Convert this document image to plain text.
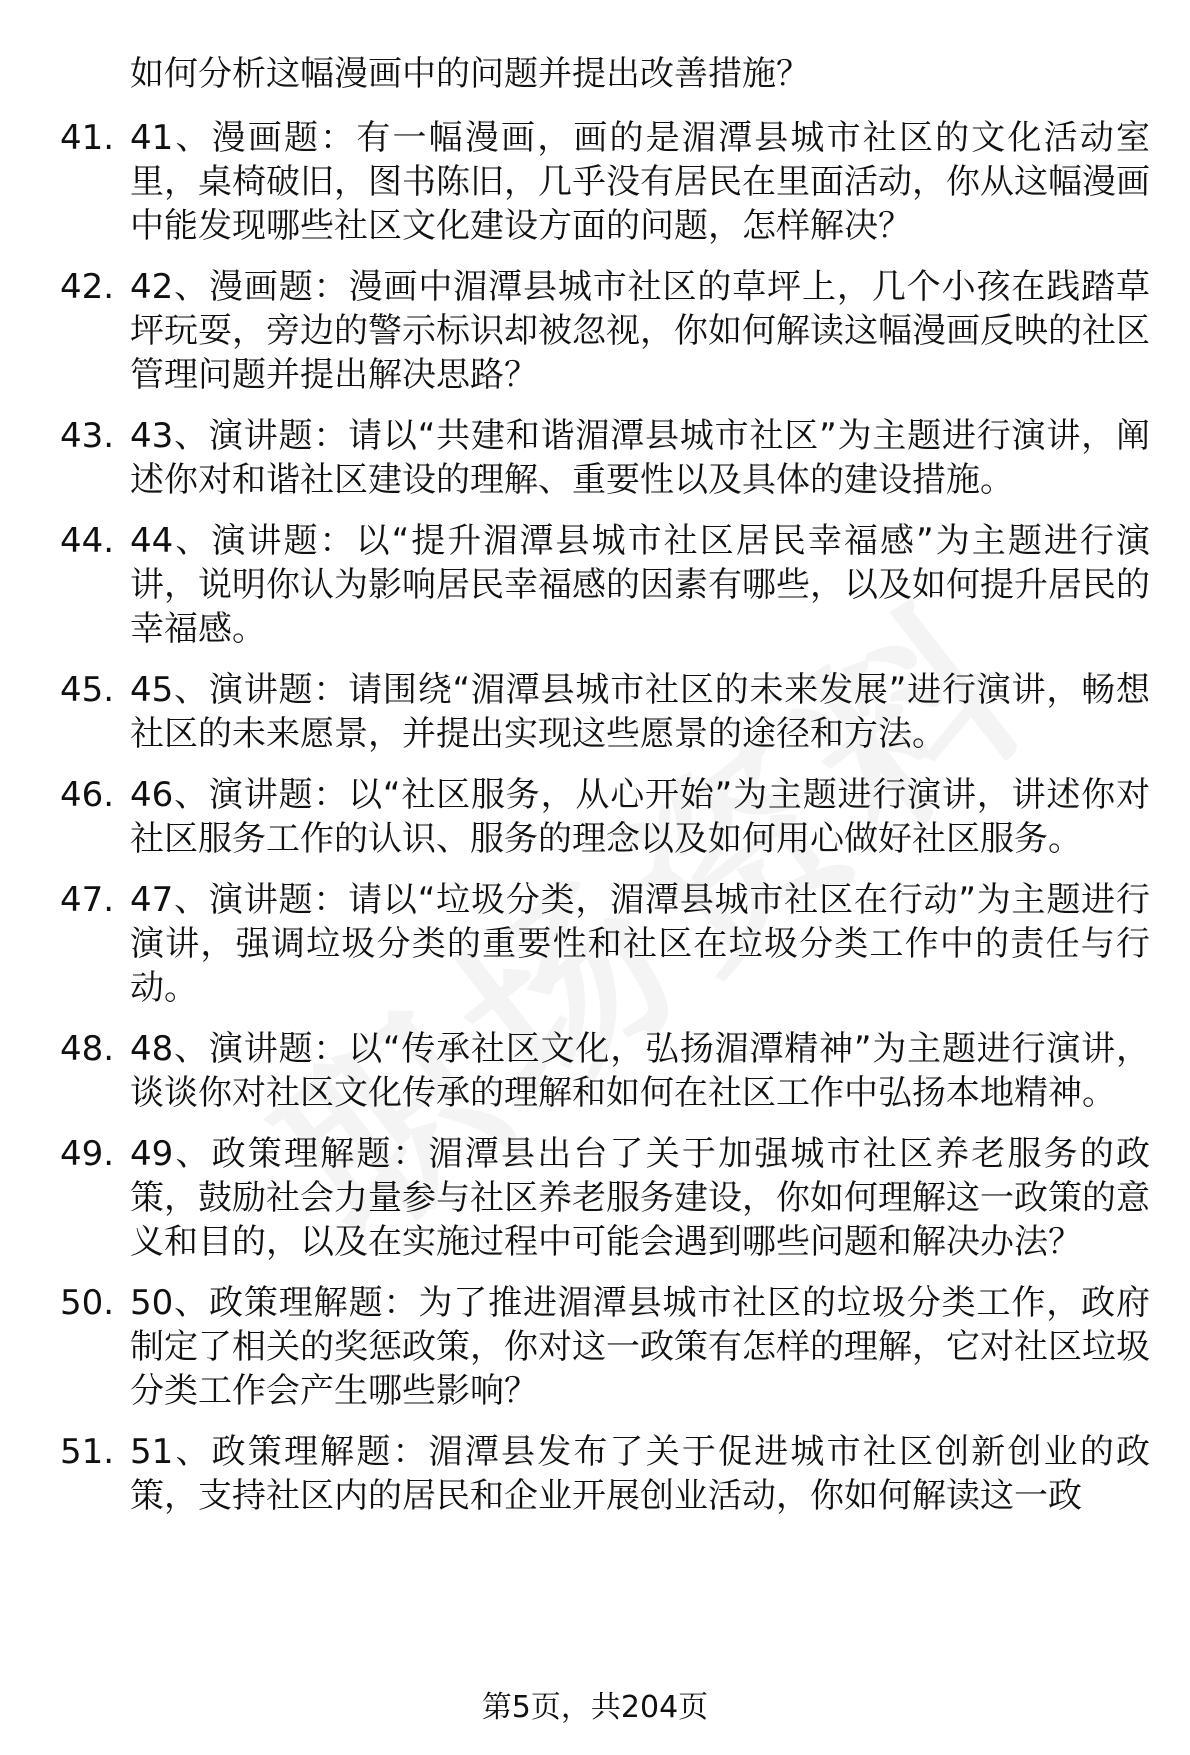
如何分析这幅漫画中的问题并提出改善措施？
41. 41、漫画题：有一幅漫画，画的是湄潭县城市社区的文化活动室里，桌椅破旧，图书陈旧，几乎没有居民在里面活动，你从这幅漫画中能发现哪些社区文化建设方面的问题，怎样解决？
42. 42、漫画题：漫画中湄潭县城市社区的草坪上，几个小孩在践踏草坪玩耍，旁边的警示标识却被忽视，你如何解读这幅漫画反映的社区管理问题并提出解决思路？
43. 43、演讲题：请以“共建和谐湄潭县城市社区”为主题进行演讲，阐述你对和谐社区建设的理解、重要性以及具体的建设措施。
44. 44、演讲题：以“提升湄潭县城市社区居民幸福感”为主题进行演讲，说明你认为影响居民幸福感的因素有哪些，以及如何提升居民的幸福感。
45. 45、演讲题：请围绕“湄潭县城市社区的未来发展”进行演讲，畅想社区的未来愿景，并提出实现这些愿景的途径和方法。
46. 46、演讲题：以“社区服务，从心开始”为主题进行演讲，讲述你对社区服务工作的认识、服务的理念以及如何用心做好社区服务。
47. 47、演讲题：请以“垃圾分类，湄潭县城市社区在行动”为主题进行演讲，强调垃圾分类的重要性和社区在垃圾分类工作中的责任与行动。
48. 48、演讲题：以“传承社区文化，弘扬湄潭精神”为主题进行演讲，谈谈你对社区文化传承的理解和如何在社区工作中弘扬本地精神。
49. 49、政策理解题：湄潭县出台了关于加强城市社区养老服务的政策，鼓励社会力量参与社区养老服务建设，你如何理解这一政策的意义和目的，以及在实施过程中可能会遇到哪些问题和解决办法？
50. 50、政策理解题：为了推进湄潭县城市社区的垃圾分类工作，政府制定了相关的奖惩政策，你对这一政策有怎样的理解，它对社区垃圾分类工作会产生哪些影响？
51. 51、政策理解题：湄潭县发布了关于促进城市社区创新创业的政策，支持社区内的居民和企业开展创业活动，你如何解读这一政
第5页，共204页
